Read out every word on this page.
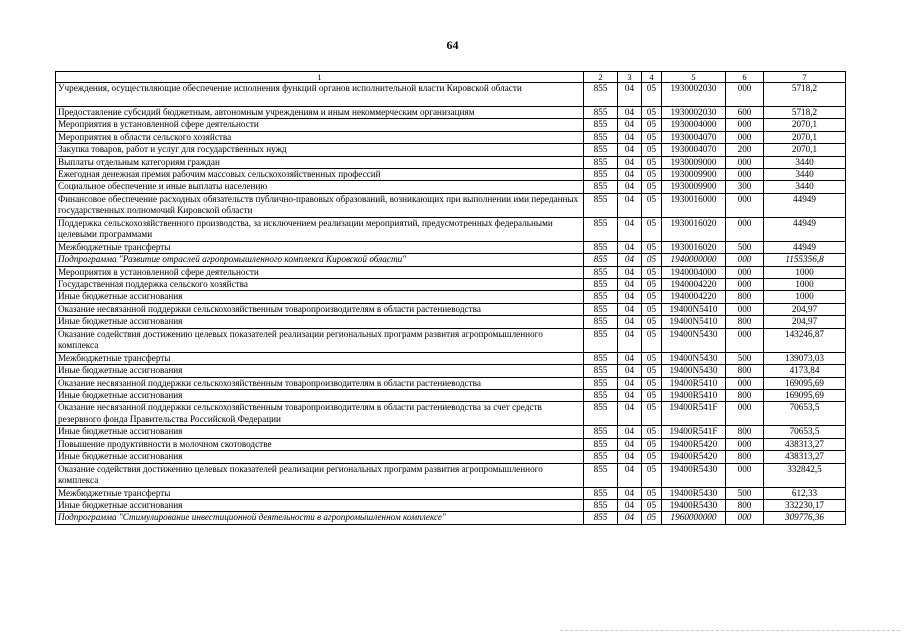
64
1	2	3	4	5	6	7
Учреждения, осуществляющие обеспечение исполнения функций органов исполнительной власти Кировской области	855	04	05	1930002030	000	5718,2
Предоставление субсидий бюджетным, автономным учреждениям и иным некоммерческим организациям	855	04	05	1930002030	600	5718,2
Мероприятия в установленной сфере деятельности	855	04	05	1930004000	000	2070,1
Мероприятия в области сельского хозяйства	855	04	05	1930004070	000	2070,1
Закупка товаров, работ и услуг для государственных нужд	855	04	05	1930004070	200	2070,1
Выплаты отдельным категориям граждан	855	04	05	1930009000	000	3440
Ежегодная денежная премия рабочим массовых сельскохозяйственных профессий	855	04	05	1930009900	000	3440
Социальное обеспечение и иные выплаты населению	855	04	05	1930009900	300	3440
Финансовое обеспечение расходных обязательств публично-правовых образований, возникающих при выполнении ими переданных государственных полномочий Кировской области	855	04	05	1930016000	000	44949
Поддержка сельскохозяйственного производства, за исключением реализации мероприятий, предусмотренных федеральными целевыми программами	855	04	05	1930016020	000	44949
Межбюджетные трансферты	855	04	05	1930016020	500	44949
Подпрограмма "Развитие отраслей агропромышленного комплекса Кировской области"	855	04	05	1940000000	000	1155356,8
Мероприятия в установленной сфере деятельности	855	04	05	1940004000	000	1000
Государственная поддержка сельского хозяйства	855	04	05	1940004220	000	1000
Иные бюджетные ассигнования	855	04	05	1940004220	800	1000
Оказание несвязанной поддержки сельскохозяйственным товаропроизводителям в области растениеводства	855	04	05	19400N5410	000	204,97
Иные бюджетные ассигнования	855	04	05	19400N5410	800	204,97
Оказание содействия достижению целевых показателей реализации региональных программ развития агропромышленного комплекса	855	04	05	19400N5430	000	143246,87
Межбюджетные трансферты	855	04	05	19400N5430	500	139073,03
Иные бюджетные ассигнования	855	04	05	19400N5430	800	4173,84
Оказание несвязанной поддержки сельскохозяйственным товаропроизводителям в области растениеводства	855	04	05	19400R5410	000	169095,69
Иные бюджетные ассигнования	855	04	05	19400R5410	800	169095,69
Оказание несвязанной поддержки сельскохозяйственным товаропроизводителям в области растениеводства за счет средств резервного фонда Правительства Российской Федерации	855	04	05	19400R541F	000	70653,5
Иные бюджетные ассигнования	855	04	05	19400R541F	800	70653,5
Повышение продуктивности в молочном скотоводстве	855	04	05	19400R5420	000	438313,27
Иные бюджетные ассигнования	855	04	05	19400R5420	800	438313,27
Оказание содействия достижению целевых показателей реализации региональных программ развития агропромышленного комплекса	855	04	05	19400R5430	000	332842,5
Межбюджетные трансферты	855	04	05	19400R5430	500	612,33
Иные бюджетные ассигнования	855	04	05	19400R5430	800	332230,17
Подпрограмма "Стимулирование инвестиционной деятельности в агропромышленном комплексе"	855	04	05	1960000000	000	309776,36
